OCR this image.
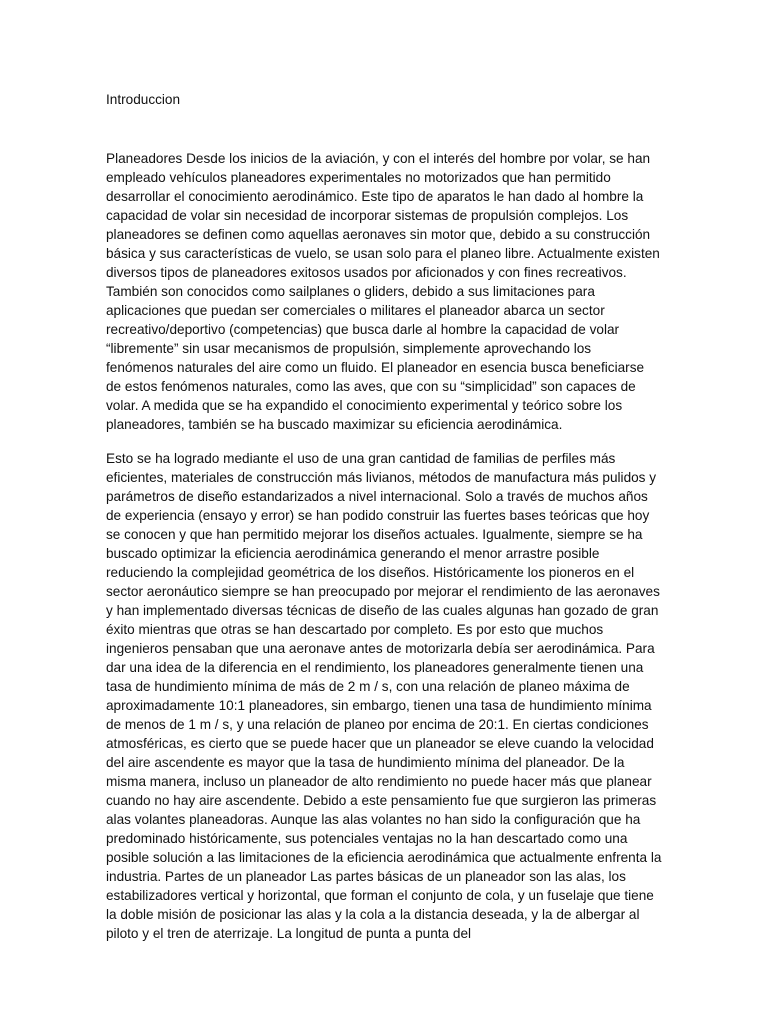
Introduccion

Planeadores Desde los inicios de la aviación, y con el interés del hombre por volar, se han empleado vehículos planeadores experimentales no motorizados que han permitido desarrollar el conocimiento aerodinámico. Este tipo de aparatos le han dado al hombre la capacidad de volar sin necesidad de incorporar sistemas de propulsión complejos. Los planeadores se definen como aquellas aeronaves sin motor que, debido a su construcción básica y sus características de vuelo, se usan solo para el planeo libre. Actualmente existen diversos tipos de planeadores exitosos usados por aficionados y con fines recreativos. También son conocidos como sailplanes o gliders, debido a sus limitaciones para aplicaciones que puedan ser comerciales o militares el planeador abarca un sector recreativo/deportivo (competencias) que busca darle al hombre la capacidad de volar “libremente” sin usar mecanismos de propulsión, simplemente aprovechando los fenómenos naturales del aire como un fluido. El planeador en esencia busca beneficiarse de estos fenómenos naturales, como las aves, que con su “simplicidad” son capaces de volar. A medida que se ha expandido el conocimiento experimental y teórico sobre los planeadores, también se ha buscado maximizar su eficiencia aerodinámica.

Esto se ha logrado mediante el uso de una gran cantidad de familias de perfiles más eficientes, materiales de construcción más livianos, métodos de manufactura más pulidos y parámetros de diseño estandarizados a nivel internacional. Solo a través de muchos años de experiencia (ensayo y error) se han podido construir las fuertes bases teóricas que hoy se conocen y que han permitido mejorar los diseños actuales. Igualmente, siempre se ha buscado optimizar la eficiencia aerodinámica generando el menor arrastre posible reduciendo la complejidad geométrica de los diseños. Históricamente los pioneros en el sector aeronáutico siempre se han preocupado por mejorar el rendimiento de las aeronaves y han implementado diversas técnicas de diseño de las cuales algunas han gozado de gran éxito mientras que otras se han descartado por completo. Es por esto que muchos ingenieros pensaban que una aeronave antes de motorizarla debía ser aerodinámica. Para dar una idea de la diferencia en el rendimiento, los planeadores generalmente tienen una tasa de hundimiento mínima de más de 2 m / s, con una relación de planeo máxima de aproximadamente 10:1 planeadores, sin embargo, tienen una tasa de hundimiento mínima de menos de 1 m / s, y una relación de planeo por encima de 20:1. En ciertas condiciones atmosféricas, es cierto que se puede hacer que un planeador se eleve cuando la velocidad del aire ascendente es mayor que la tasa de hundimiento mínima del planeador. De la misma manera, incluso un planeador de alto rendimiento no puede hacer más que planear cuando no hay aire ascendente. Debido a este pensamiento fue que surgieron las primeras alas volantes planeadoras. Aunque las alas volantes no han sido la configuración que ha predominado históricamente, sus potenciales ventajas no la han descartado como una posible solución a las limitaciones de la eficiencia aerodinámica que actualmente enfrenta la industria. Partes de un planeador Las partes básicas de un planeador son las alas, los estabilizadores vertical y horizontal, que forman el conjunto de cola, y un fuselaje que tiene la doble misión de posicionar las alas y la cola a la distancia deseada, y la de albergar al piloto y el tren de aterrizaje. La longitud de punta a punta del
